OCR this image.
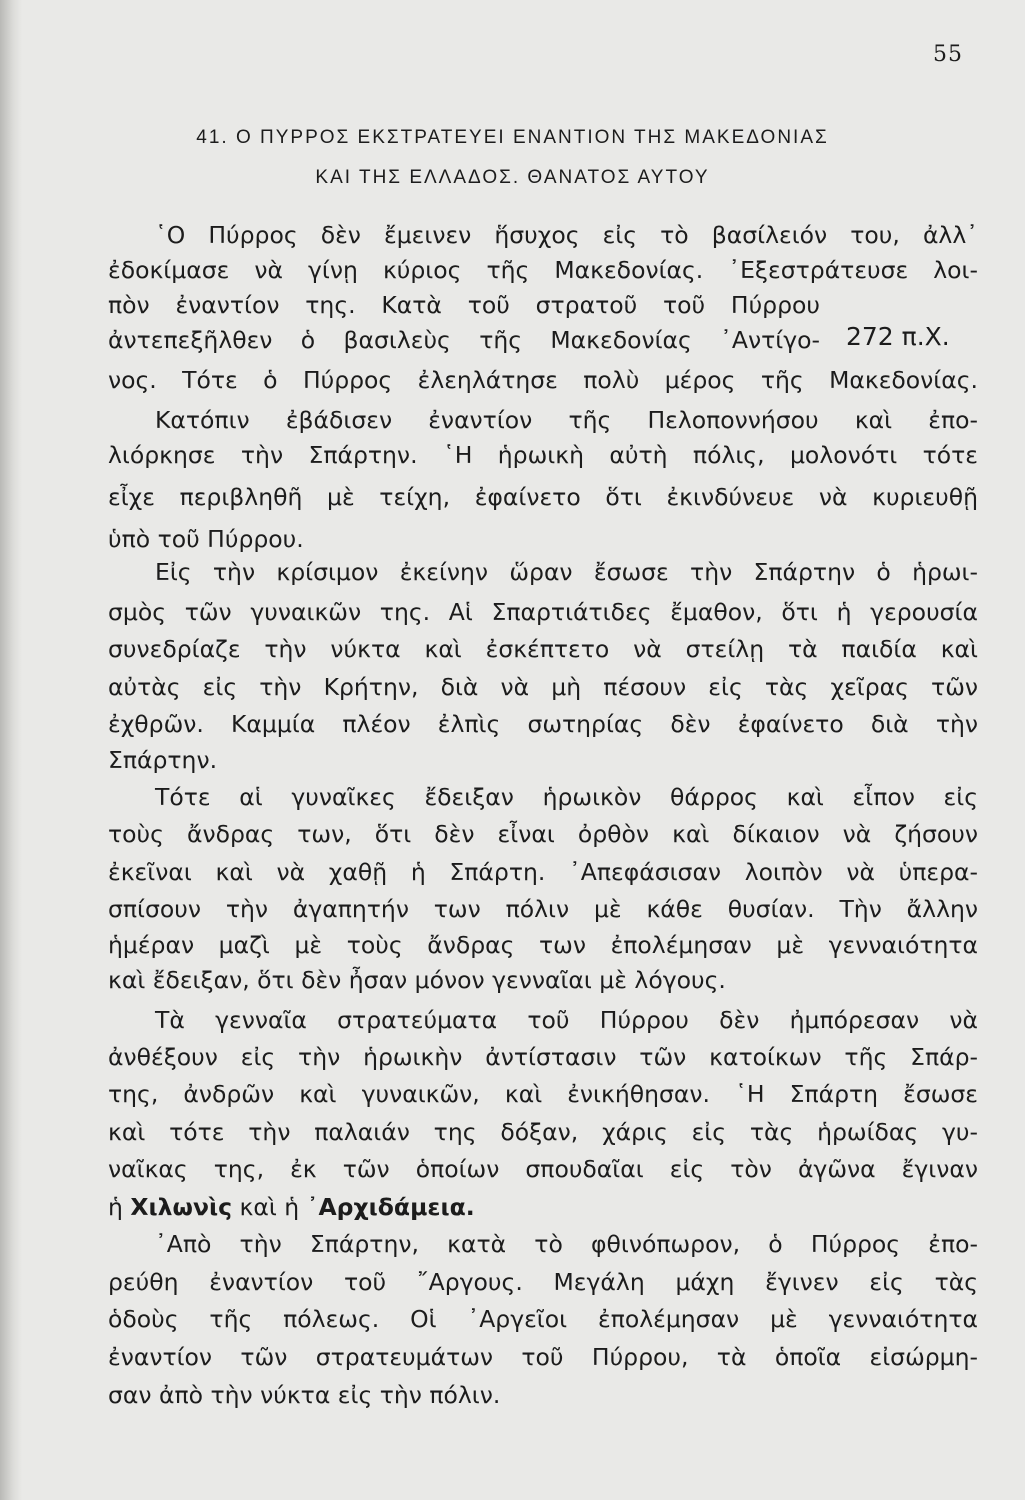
55
41. Ο ΠΥΡΡΟΣ ΕΚΣΤΡΑΤΕΥΕΙ ΕΝΑΝΤΙΟΝ ΤΗΣ ΜΑΚΕΔΟΝΙΑΣ
ΚΑΙ ΤΗΣ ΕΛΛΑΔΟΣ. ΘΑΝΑΤΟΣ ΑΥΤΟΥ
272 π.Χ.
῾Ο Πύρρος δὲν ἔμεινεν ἥσυχος εἰς τὸ βασίλειόν του, ἀλλ᾽
ἐδοκίμασε νὰ γίνῃ κύριος τῆς Μακεδονίας. ᾿Εξεστράτευσε λοι-
πὸν ἐναντίον της. Κατὰ τοῦ στρατοῦ τοῦ Πύρρου
ἀντεπεξῆλθεν ὁ βασιλεὺς τῆς Μακεδονίας ᾿Αντίγο-
νος. Τότε ὁ Πύρρος ἐλεηλάτησε πολὺ μέρος τῆς Μακεδονίας.
Κατόπιν ἐβάδισεν ἐναντίον τῆς Πελοποννήσου καὶ ἐπο-
λιόρκησε τὴν Σπάρτην. ῾Η ἡρωικὴ αὐτὴ πόλις, μολονότι τότε
εἶχε περιβληθῆ μὲ τείχη, ἐφαίνετο ὅτι ἐκινδύνευε νὰ κυριευθῇ
ὑπὸ τοῦ Πύρρου.
Εἰς τὴν κρίσιμον ἐκείνην ὥραν ἔσωσε τὴν Σπάρτην ὁ ἡρωι-
σμὸς τῶν γυναικῶν της. Αἱ Σπαρτιάτιδες ἔμαθον, ὅτι ἡ γερουσία
συνεδρίαζε τὴν νύκτα καὶ ἐσκέπτετο νὰ στείλῃ τὰ παιδία καὶ
αὐτὰς εἰς τὴν Κρήτην, διὰ νὰ μὴ πέσουν εἰς τὰς χεῖρας τῶν
ἐχθρῶν. Καμμία πλέον ἐλπὶς σωτηρίας δὲν ἐφαίνετο διὰ τὴν
Σπάρτην.
Τότε αἱ γυναῖκες ἔδειξαν ἡρωικὸν θάρρος καὶ εἶπον εἰς
τοὺς ἄνδρας των, ὅτι δὲν εἶναι ὀρθὸν καὶ δίκαιον νὰ ζήσουν
ἐκεῖναι καὶ νὰ χαθῇ ἡ Σπάρτη. ᾿Απεφάσισαν λοιπὸν νὰ ὑπερα-
σπίσουν τὴν ἀγαπητήν των πόλιν μὲ κάθε θυσίαν. Τὴν ἄλλην
ἡμέραν μαζὶ μὲ τοὺς ἄνδρας των ἐπολέμησαν μὲ γενναιότητα
καὶ ἔδειξαν, ὅτι δὲν ἦσαν μόνον γενναῖαι μὲ λόγους.
Τὰ γενναῖα στρατεύματα τοῦ Πύρρου δὲν ἠμπόρεσαν νὰ
ἀνθέξουν εἰς τὴν ἡρωικὴν ἀντίστασιν τῶν κατοίκων τῆς Σπάρ-
της, ἀνδρῶν καὶ γυναικῶν, καὶ ἐνικήθησαν. ῾Η Σπάρτη ἔσωσε
καὶ τότε τὴν παλαιάν της δόξαν, χάρις εἰς τὰς ἡρωίδας γυ-
ναῖκας της, ἐκ τῶν ὁποίων σπουδαῖαι εἰς τὸν ἀγῶνα ἔγιναν
ἡ Χιλωνὶς καὶ ἡ ᾿Αρχιδάμεια.
᾿Απὸ τὴν Σπάρτην, κατὰ τὸ φθινόπωρον, ὁ Πύρρος ἐπο-
ρεύθη ἐναντίον τοῦ ῎Αργους. Μεγάλη μάχη ἔγινεν εἰς τὰς
ὁδοὺς τῆς πόλεως. Οἱ ᾿Αργεῖοι ἐπολέμησαν μὲ γενναιότητα
ἐναντίον τῶν στρατευμάτων τοῦ Πύρρου, τὰ ὁποῖα εἰσώρμη-
σαν ἀπὸ τὴν νύκτα εἰς τὴν πόλιν.
